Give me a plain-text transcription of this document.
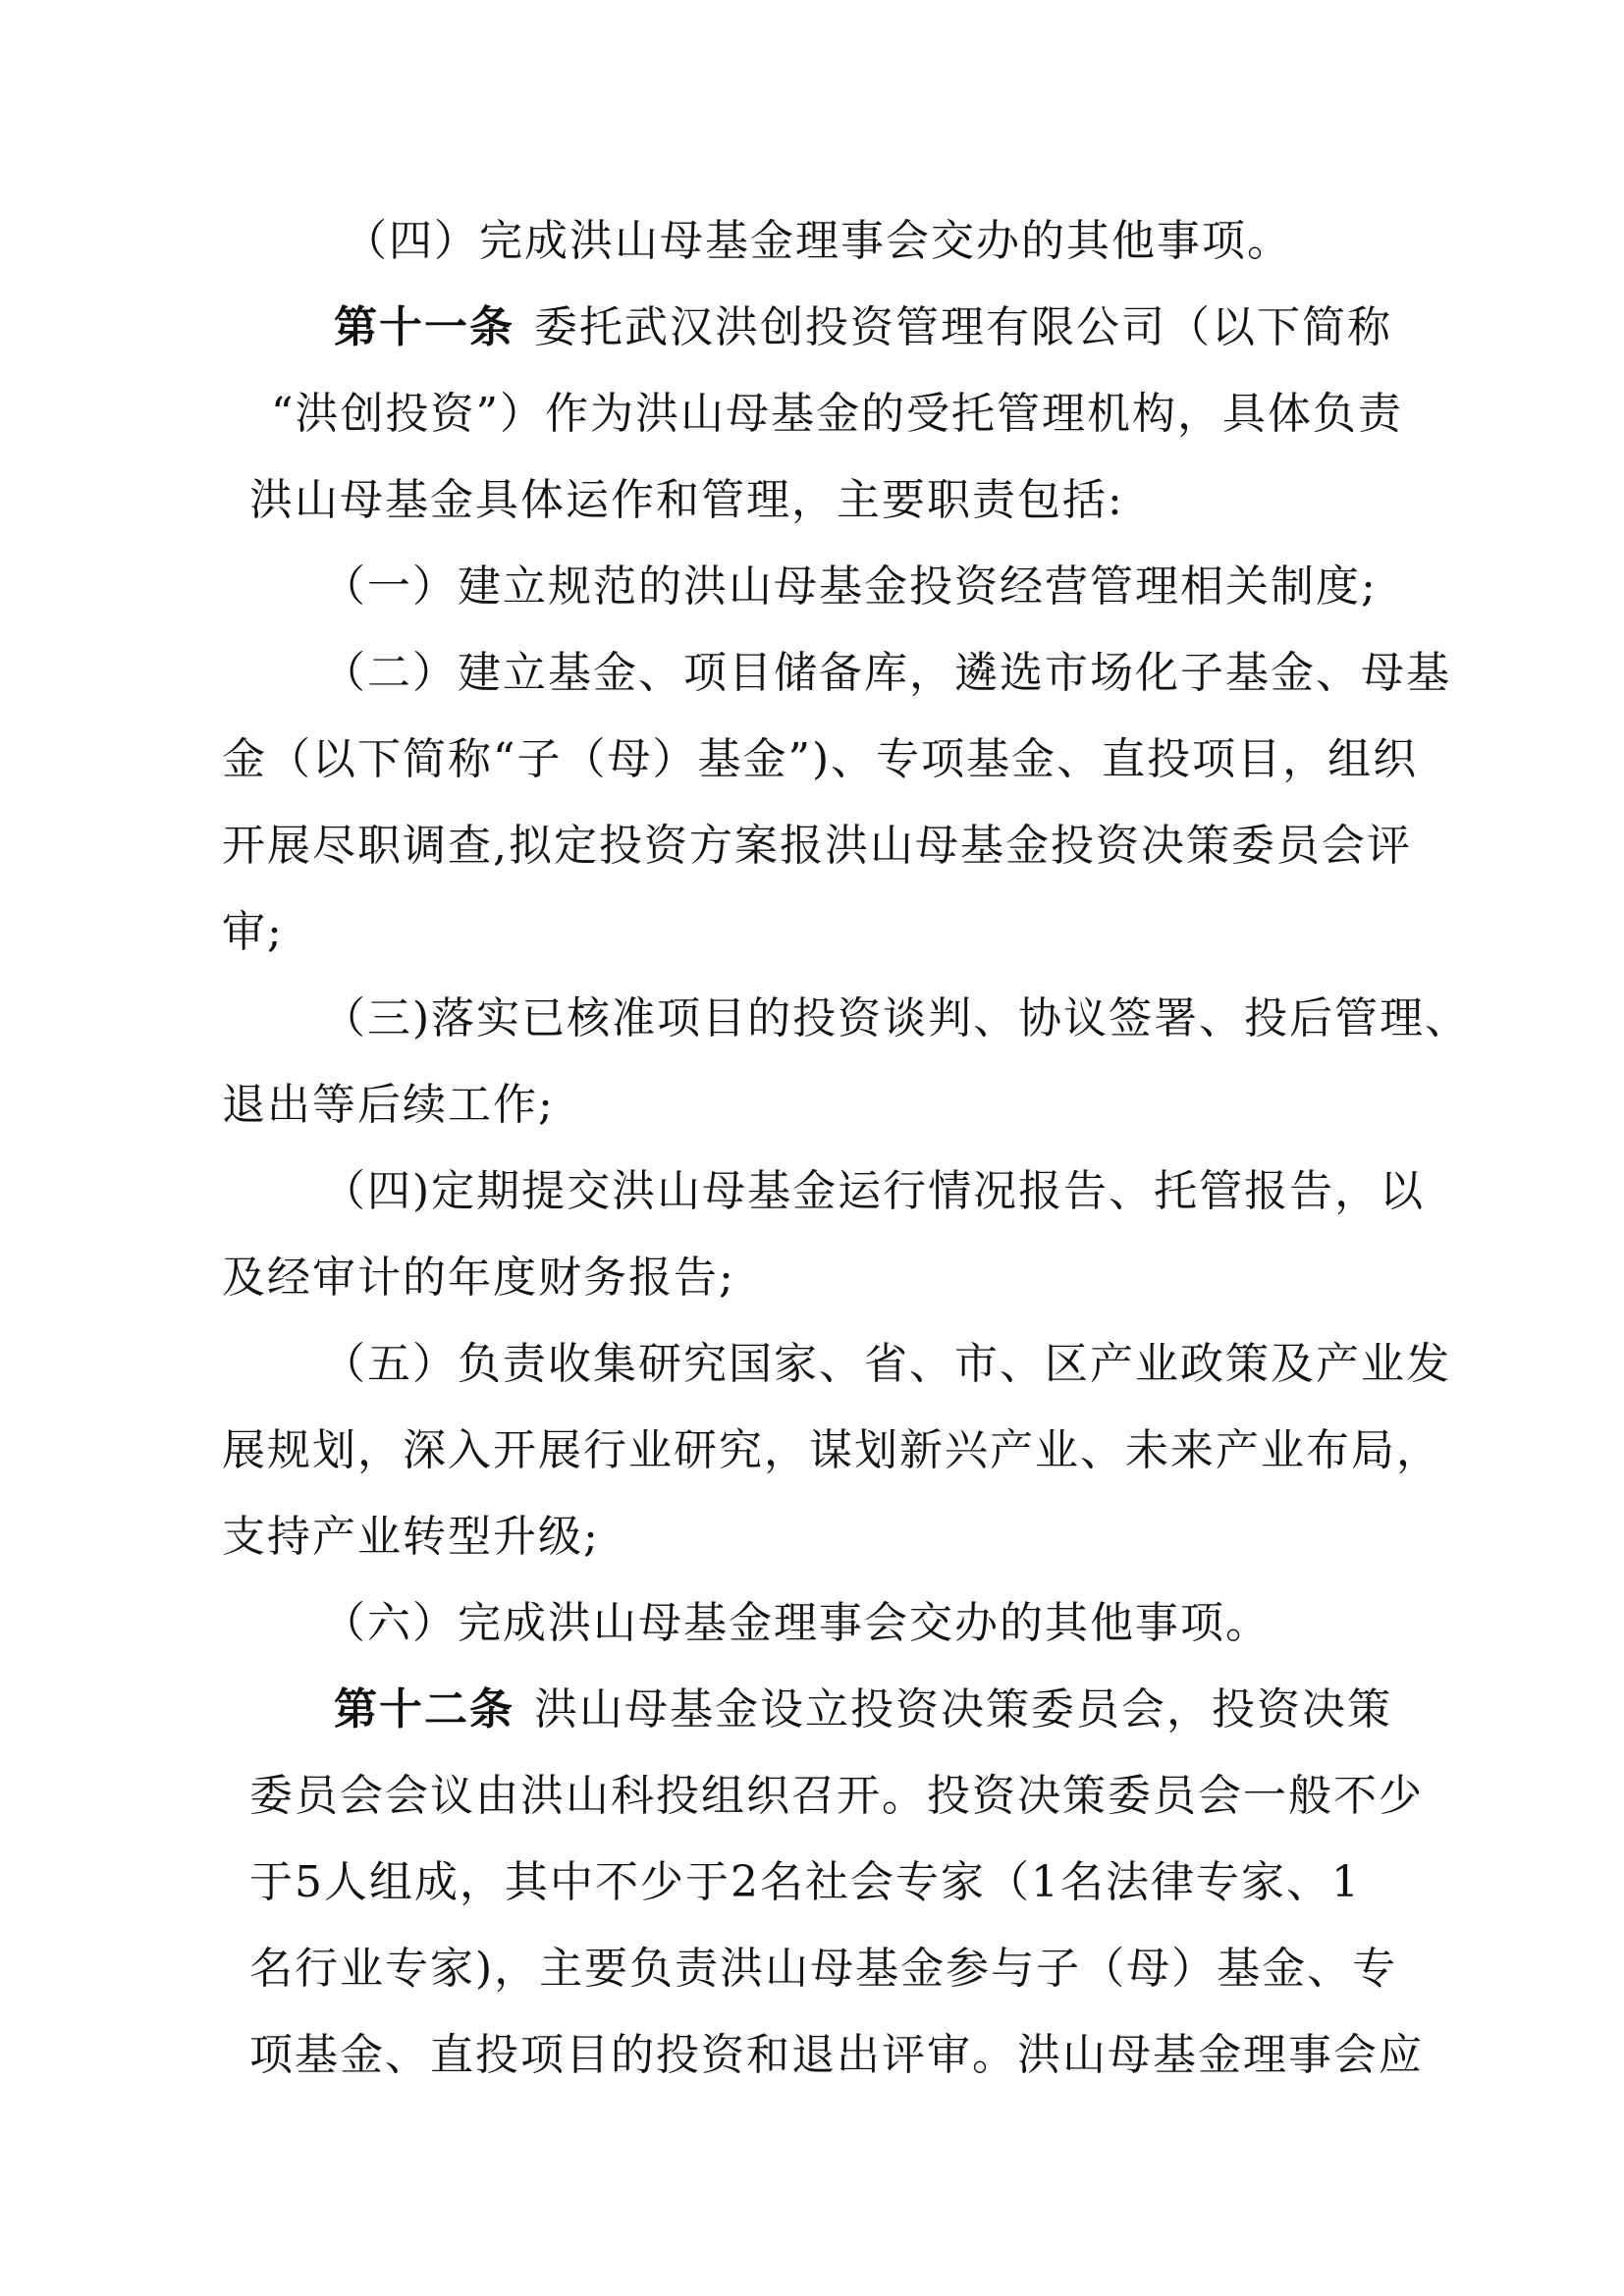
（四）完成洪山母基金理事会交办的其他事项。

第十一条 委托武汉洪创投资管理有限公司（以下简称

“洪创投资”）作为洪山母基金的受托管理机构，具体负责

洪山母基金具体运作和管理，主要职责包括:

（一）建立规范的洪山母基金投资经营管理相关制度;

（二）建立基金、项目储备库，遴选市场化子基金、母基

金（以下简称“子（母）基金”)、专项基金、直投项目，组织

开展尽职调查,拟定投资方案报洪山母基金投资决策委员会评

审;

（三)落实已核准项目的投资谈判、协议签署、投后管理、

退出等后续工作;

（四)定期提交洪山母基金运行情况报告、托管报告，以

及经审计的年度财务报告;

（五）负责收集研究国家、省、市、区产业政策及产业发

展规划，深入开展行业研究，谋划新兴产业、未来产业布局，

支持产业转型升级;

（六）完成洪山母基金理事会交办的其他事项。

第十二条 洪山母基金设立投资决策委员会，投资决策

委员会会议由洪山科投组织召开。投资决策委员会一般不少

于5人组成，其中不少于2名社会专家（1名法律专家、1

名行业专家)，主要负责洪山母基金参与子（母）基金、专

项基金、直投项目的投资和退出评审。洪山母基金理事会应
